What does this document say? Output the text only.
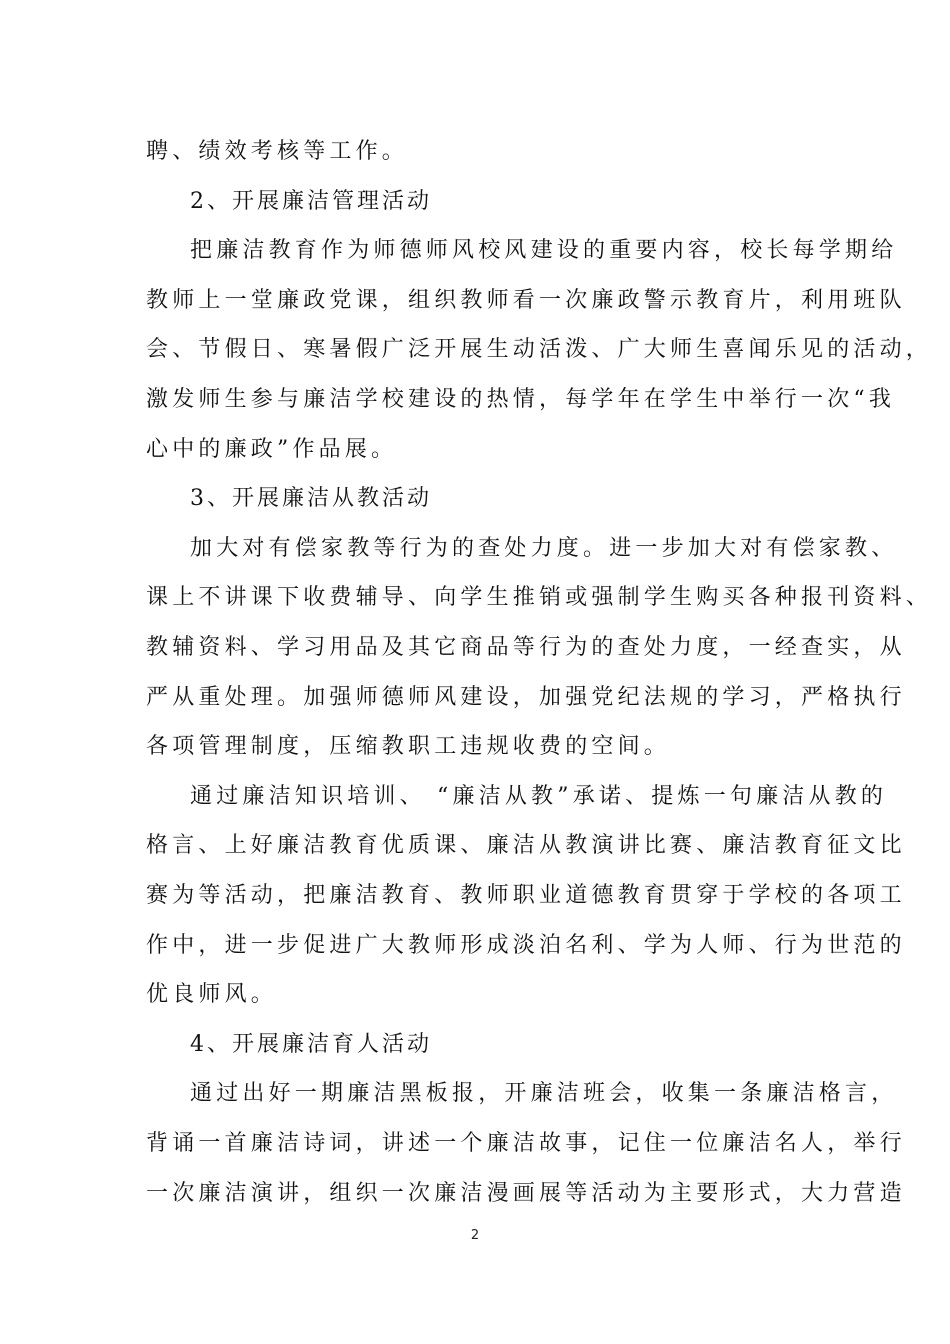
聘、绩效考核等工作。
2、开展廉洁管理活动
把廉洁教育作为师德师风校风建设的重要内容，校长每学期给
教师上一堂廉政党课，组织教师看一次廉政警示教育片，利用班队
会、节假日、寒暑假广泛开展生动活泼、广大师生喜闻乐见的活动，
激发师生参与廉洁学校建设的热情，每学年在学生中举行一次“我
心中的廉政”作品展。
3、开展廉洁从教活动
加大对有偿家教等行为的查处力度。进一步加大对有偿家教、
课上不讲课下收费辅导、向学生推销或强制学生购买各种报刊资料、
教辅资料、学习用品及其它商品等行为的查处力度，一经查实，从
严从重处理。加强师德师风建设，加强党纪法规的学习，严格执行
各项管理制度，压缩教职工违规收费的空间。
通过廉洁知识培训、 “廉洁从教”承诺、提炼一句廉洁从教的
格言、上好廉洁教育优质课、廉洁从教演讲比赛、廉洁教育征文比
赛为等活动，把廉洁教育、教师职业道德教育贯穿于学校的各项工
作中，进一步促进广大教师形成淡泊名利、学为人师、行为世范的
优良师风。
4、开展廉洁育人活动
通过出好一期廉洁黑板报，开廉洁班会，收集一条廉洁格言，
背诵一首廉洁诗词，讲述一个廉洁故事，记住一位廉洁名人，举行
一次廉洁演讲，组织一次廉洁漫画展等活动为主要形式，大力营造
2
